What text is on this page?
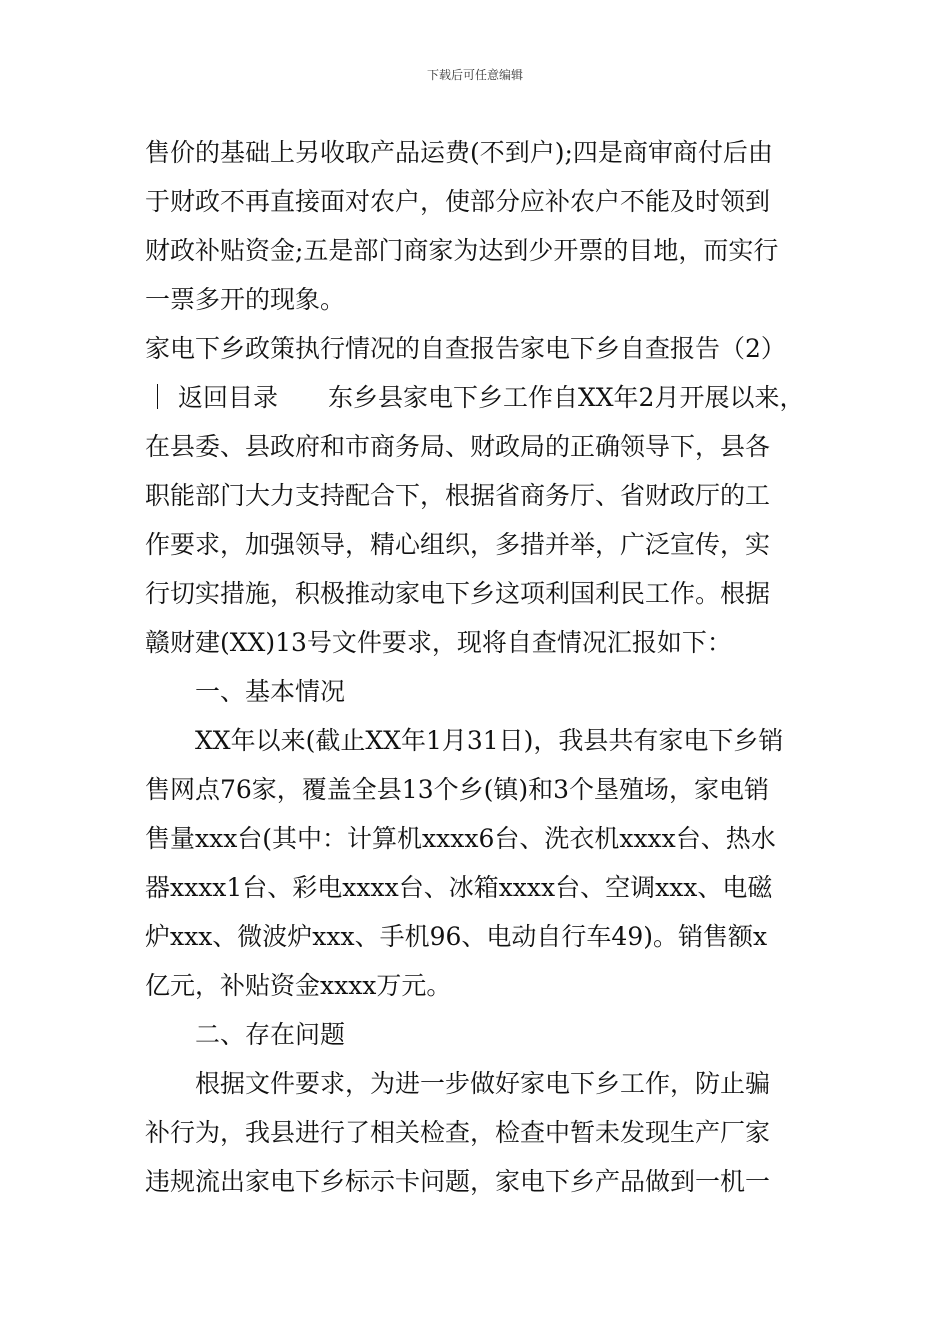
下载后可任意编辑
售价的基础上另收取产品运费(不到户);四是商审商付后由
于财政不再直接面对农户，使部分应补农户不能及时领到
财政补贴资金;五是部门商家为达到少开票的目地，而实行
一票多开的现象。
家电下乡政策执行情况的自查报告家电下乡自查报告（2）
｜ 返回目录　　东乡县家电下乡工作自XX年2月开展以来，
在县委、县政府和市商务局、财政局的正确领导下，县各
职能部门大力支持配合下，根据省商务厅、省财政厅的工
作要求，加强领导，精心组织，多措并举，广泛宣传，实
行切实措施，积极推动家电下乡这项利国利民工作。根据
赣财建(XX)13号文件要求，现将自查情况汇报如下：
一、基本情况
XX年以来(截止XX年1月31日)，我县共有家电下乡销
售网点76家，覆盖全县13个乡(镇)和3个垦殖场，家电销
售量xxx台(其中：计算机xxxx6台、洗衣机xxxx台、热水
器xxxx1台、彩电xxxx台、冰箱xxxx台、空调xxx、电磁
炉xxx、微波炉xxx、手机96、电动自行车49)。销售额x
亿元，补贴资金xxxx万元。
二、存在问题
根据文件要求，为进一步做好家电下乡工作，防止骗
补行为，我县进行了相关检查，检查中暂未发现生产厂家
违规流出家电下乡标示卡问题，家电下乡产品做到一机一
